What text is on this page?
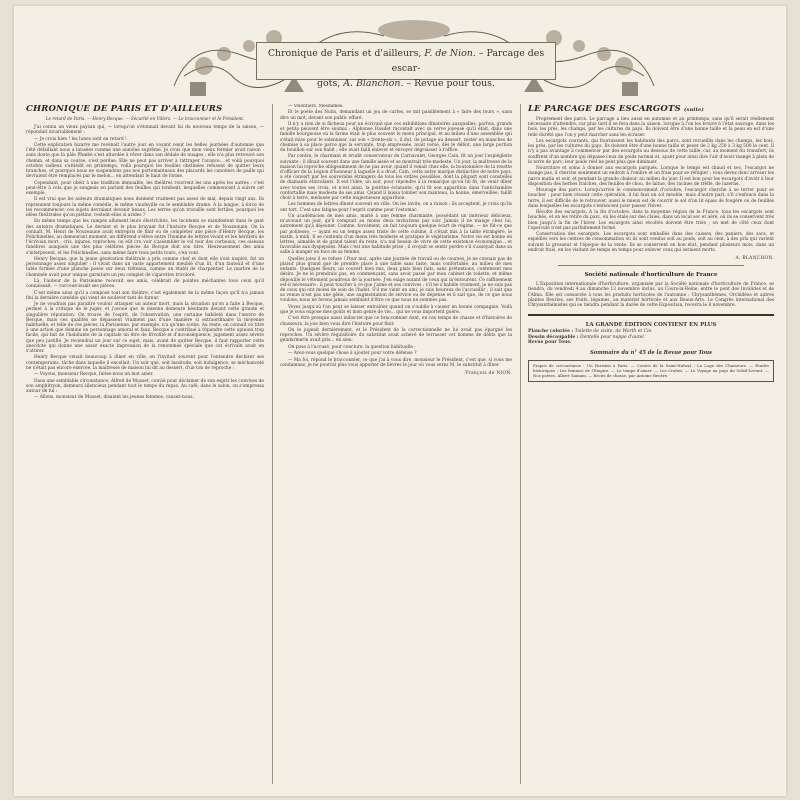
Chronique de Paris et d'ailleurs, F. de Nion. – Parcage des escar-
gots, A. Blanchon. – Revue pour tous.
CHRONIQUE DE PARIS ET D'AILLEURS
Le retard de Paris. — Henry Becque. — Sécurité en Villers. — Le bracconnier et le Président.

J'ai connu un vieux paysan qui, — lorsqu'on s'étonnait devant lui du nouveau temps de la saison, — répondait invariablement :

— Je crois bien ! les lunes sont en retard !

Cette explication bizarre me revenait l'autre jour en voyant venir les belles journées d'automne que l'été défaillant nous a laissées comme une aumône suprême. Je crois que mon vieux fermier avait raison : sans doute que la pâle Phœbé s'est attardée à rêver dans son dédale de nuages ; elle n'a plus retrouvé son chemin, et dans sa course, s'est perdue. Elle ne peut pas arriver à rattraper l'avance... et voilà pourquoi octobre radieux s'attiédit en printemps, voilà pourquoi les feuilles obstinées refusent de quitter leurs branches, et pourquoi nous ne suspendons pas nos portemanteaux des placards les canotiers de paille qui devraient être remplacés par le melon... en attendant le haut de forme.

Cependant, pour obéir à une tradition immuable, les théâtres rouvrent les uns après les autres : c'est peut-être à cela que je songeais en parlant des feuilles qui tombent, lesquelles commencent à suivre cet exemple.

Il est vrai que les auteurs dramatiques nous donnent vraiment pas assez de mal, depuis vingt ans. Ils reprennent toujours la même comédie, le même vaudeville ou le semblable drame. A la longue, à force de les recommencer, ces sujets devraient devenir beaux. Les terres qu'on travaille sont fertiles, pourquoi les idées théâtrales qu'on piétine, restent-elles si arides ?

En même temps que les rampes allument leurs électricités, les incidents se manifestent dans le gant des auteurs dramatiques. Le dernier et le plus bruyant fut l'histoire Becque et de Nouzeaune. On la connaît. M. Henri de Nouzeaune avait entrepris de finir ou de compléter une pièce d'Henry Becque, les Polichinelles, au demeurant moment, un différend s'élève entre l'homme de lettres vivant et les héritiers de l'écrivain mort ; cris, injures, reproches, on eût cru voir s'assembler le vol noir des corbeaux, ces oiseaux funèbres auxquels une des plus célèbres pièces de Becque doit son titre. Heureusement des amis s'interposent, et les Polichinelles, sans même faire trois petits tours, s'en vont.

Henry Becque, que la jeune génération théâtrale a pris comme chef et dont elle s'est inspiré, fut un personnage assez singulier : il vivait dans un vaste appartement meublé d'un lit, d'un fauteuil et d'une table formée d'une planche posée sur deux tréteaux, comme un établi de charpentier. Le marbre de la cheminée avait pour unique garniture un jeu complet de cigarettes tricoloré.

Là, l'auteur de la Parisienne recevait ses amis, célébrait de pointes méchantes tous ceux qu'il connaissait, — raccourcissait ses pièces.

C'est même ainsi qu'il a composé tout son théâtre, c'est également de la même façon qu'il n'a jamais fini la dernière comédie qui vient de soulever tant de fureur.

Je ne voudrais pas paraître vouloir attaquer un auteur mort, mais la situation qu'on a faite à Becque, permet à la critique de le juger, et j'avoue que le mienne demeure hésitante devant cette grande et singulière réputation. On trouve de l'esprit, de l'observation, une certaine habileté dans l'œuvre de Becque, mais ces qualités ne dépassent vraiment pas d'une manière si extraordinaire la moyenne habituelle, et telle de ces pièces, la Parisienne, par exemple, n'a qu'une scène. Au reste, on connaît ce titre à une action que domine un personnage amoral et faux. Becque a contribué à répandre cette opinion trop facile, qui fait de l'habitante de la capitale un être de frivolité et d'inconséquence, jugement assez sévère que peu justifié. Je reviendrai un jour sur ce sujet, mais, avant de quitter Becque, il faut rapporter cette anecdote qui donne une assez exacte impression de la renommée spéciale que cet écrivain avait en s'attirer.

Henry Becque venait beaucoup à dîner en ville, on l'invitait souvent pour l'entendre déchirer ses contemporains, tâche dans laquelle il excellait. Un soir que, soit lassitude, soit indulgence, se méchanceté ne s'était pas encore exercée, la maîtresse de maison lui dit au dessert, d'un ton de reproche :

— Voyons, monsieur Becque, faites-nous un mot amer.

Dans une semblable circonstance, Alfred de Musset, convié pour déclamer de son esprit les convives de son amphitryon, demeura silencieux pendant tout le temps du repas. Au café, dans le salon, on s'empressa autour de lui :

— Allons, monsieur de Musset, disaient les jeunes femmes, causez-nous.

— Volontiers, Mesdames.

Et le poète des Nuits, demandant un jeu de cartes, se mit paisiblement à « faire des tours », sans dire un mot, devant son public effaré.

Il n'y a rien de si fâcheux pour un écrivain que ces exhibitions dînatoires auxquelles, parfois, grands et petits peuvent être soumis ; Alphonse Daudet racontait avec sa verve joyeuse qu'il était, dans une famille bourgeoise où la farine était le plus souvent le menu principal, et au milieu d'une assemblée qui s'était mise pour le solenniser, sur son « trente-six », il dut, de potage au dessert, rester en manches de chemise à sa place parce que la servante, trop empressée, avait versé, dès le début, une large portion du bouillon sur son habit ; elle avait failli enlever et envoyer dégraisser à l'office.

Par contre, le charmant et érudit conservateur de Carnavalet, Georges Cain, fit un jour l'espiéglerie suivante : il dînait souvent dans une famille aisée et se montrait très-modeste. Un jour, la maîtresse de la maison lui reproche obligeamment de ne pas avoir, quand il venait chez elle, la boutonnière de la rosette d'officier de la Légion d'honneur à laquelle il a droit. Cain, cette autre marque distinctive de notre pays, a été convert par les souverains étrangers de tous les ordres possibles, dont la plupart sont constellés de diamants étincelants. Il eut l'idée, un soir, pour répondre à la remarque qu'on lui fit, de venir dîner avec toutes ses croix, et n'est ainsi, la poitrine éclatante, qu'il fit son apparition dans l'antichambre confortable mais modeste de ses amis. Quand il laissa tomber son manteau, la bonne, émerveillée, faillit choir à terre, médusée par cette majestueuse apparition.

Les hommes de lettres dînent souvent en ville. On les invite, on a raison ; ils acceptent, je crois qu'ils ont tort. C'est une fatigue pour l'esprit comme pour l'estomac.

Un académicien de mes amis, marié à une femme charmante, possédant un intérieur délicieux, m'avouait un jour, qu'il comptait au moins deux invitations par soir. Jamais il ne mange chez lui, autrement qu'à déjeuner. Comme, forcément, on fait toujours quelque écart de régime, — ne fût-ce que par politesse, — ayant eu un temps assez triste de cette cuisine, il s'était mis à la table étrangère, le matin, à midi. Il se contenta d'un menu très modeste et pratique le végétarisme. Notre vie est bonne en lettres, aimable et de grand talent du reste, n'a nul besoin de vivre de cette existence économique... et favorable aux dyspepsies. Mais c'est une habitude prise ; il croyait se sentir perdre s'il s'asseyait dans sa salle à manger en face de sa femme.

Quelles joies il se refuse ! Pour moi, après une journée de travail ou de courses, je ne connais pas de plaisir plus grand que de prendre place à une table sans faste, mais confortable, au milieu de mes enfants. Quelques fleurs, un couvert bien mis, deux plats bien faits, sans prétentions, contentent mes désirs. Je ne le prendrais pas, en commençant, sans avoir passé par mon cabinet de toilette, et même dépouillé le vêtement poudreux de la journée. J'en exige autant de ceux qui m'entourent. Ce raffinement est-il nécessaire ; il peut toucher à ce que j'aime et ses convives ; s'il ne s'habille vraiment, je ne suis pas de ceux qui ont moins de soin de l'habit. S'il me vient un ami, je suis heureux de l'accueillir ; il sait que sa venue n'est pas une gêne, une augmentation de service ou de dépense et il sait que, de ce que nous voulons, nous ne ferons jamais semblant d'être ce que nous ne sommes pas.

Voyez jusqu'où l'on peut se laisser entraîner quand on s'oublie à causer en bonne compagnie. Voilà que je vous expose mes goûts et mon genre de vie... qui ne vous importent guère.

C'est être presque aussi indiscret que ce bracconnier dont, en ces temps de chasse et d'histoires de chasseurs, la joie bien vous dire l'histoire pour finir.

On le jugeait dernièrement, et le Président de la correctionnelle ne lui avait pas épargné les reproches. Un sévère réquisitoire du substitut avait achevé de terrasser cet homme de délits que la gendarmerie avait pris... en sien.

On pose à l'accusé, pour conclure, la question habituelle :

— Avez-vous quelque chose à ajouter pour votre défense ?

— Ma foi, répond le bracconnier, ce que j'ai à vous dire, monsieur le Président, c'est que, si vous me condamnez, je ne pourrai plus vous apporter de lièvres le jour où vous serez M. le substitut à dîner.

François de NION.
LE PARCAGE DES ESCARGOTS (suite)

Proprement des parcs. Le parcage a lieu aussi en automne et au printemps, sans qu'il serait réellement nécessaire d'attendre, car plus tard il se fera dans la saison, lorsque à l'on les trouve à l'état sauvage, dans les bois, les prés, les champs, par les cultures du pays. Ils doivent être d'une bonne taille et la peau en est d'une telle dureté que l'on y peut marcher sans les écraser.

Les escargots courants, qui fournissent les habitants des parcs, sont recueillis dans les champs, les bois, les prés, par les cultures du pays. Ils doivent être d'une bonne taille et peser de 2 kg 250 à 3 kg 500 le cent. Il n'y a pas avantage à commencer par des escargots au dessous de cette taille, car, au moment du transfert, ils souffrent d'un nombre qui dépasse ceux de poids normal et, ayant pour ainsi dire l'air d'avoir mangé à plein de la terre de parc, leur poids réel ne peut plus que diminuer.

Nourriture et soins à donner aux escargots parqués. Lorsque le temps est chaud et sec, l'escargot ne mange pas, il cherche seulement un endroit à l'ombre et un frais pour se réfugier ; vous devez donc arroser les parcs matin et soir, et pendant la grande chaleur, au milieu du jour. Il est bon pour les escargots d'avoir à leur disposition des herbes fraîches, des feuilles de chou, de laitue, des racines de trèfle, de luzerne.

Mouvage des parcs. Lorsqu'arrive le commencement d'octobre, l'escargot cherche à se terrer pour se boucher ; pour bien réussir cette opération, il lui faut un sol meuble, mais d'autre part, s'il s'enfonce dans la terre, il est difficile de le retrouver, aussi le mieux est de couvrir le sol d'un lit épais de fougère ou de feuilles dans lesquelles les escargots s'enfoncent pour passer l'hiver.

Récolte des escargots. A la fin d'octobre, dans la moyenne région de la France, tous les escargots sont bouchés, et on les retire du parc, on les étale sur des claies, dans un local sec et aéré, où ils se conservent très bien jusqu'à la fin de l'hiver. Les escargots ainsi récoltés doivent être triés ; on met de côté ceux dont l'opercule n'est pas parfaitement formé.

Conservation des escargots. Les escargots sont emballés dans des caisses, des paniers, des sacs, et expédiés vers les centres de consommation où ils sont vendus soit au poids, soit au cent, à des prix qui varient suivant la grosseur et l'époque de la vente. Ils se conservent en bon état, pendant plusieurs mois, dans un endroit frais, en les visitant de temps en temps pour enlever ceux qui seraient morts.

A. BLANCHON.
Société nationale d'horticulture de France

L'Exposition internationale d'horticulture, organisée par la Société nationale d'horticulture de France, se tiendra, du vendredi 4 au dimanche 13 novembre inclus, au Cours-la-Reine, entre le pont des Invalides et de l'Alma. Elle est consacrée à tous les produits horticoles de l'automne : Chrysanthèmes, Orchidées et autres plantes fleuries, ses fruits, légumes, au matériel horticole et aux Beaux-Arts. Le Congrès international des Chrysanthémistes qui se tiendra pendant la durée de cette Exposition, recevra le 8 novembre.

LA GRANDE ÉDITION CONTIENT EN PLUS
Planche coloriée : Toilette de visite, de Worth et Cie.
Dessin découpable : Dentelle pour nappe d'autel.
Revue pour Tous.
Sommaire du n° 45 de la Revue pour Tous

Propos de circonstance : Un Parisien à Paris. — Contes de la Saint-Hubert : La Loge des Chasseurs. — Etudes historiques : Les femmes de l'Empire. — Le temps d'aimer. — Les Crabes. — Le Voyage au pays du Soleil-Levant. — Nos poètes. Albert Samain. — Récits de chasse, par Antoine Rivière.
